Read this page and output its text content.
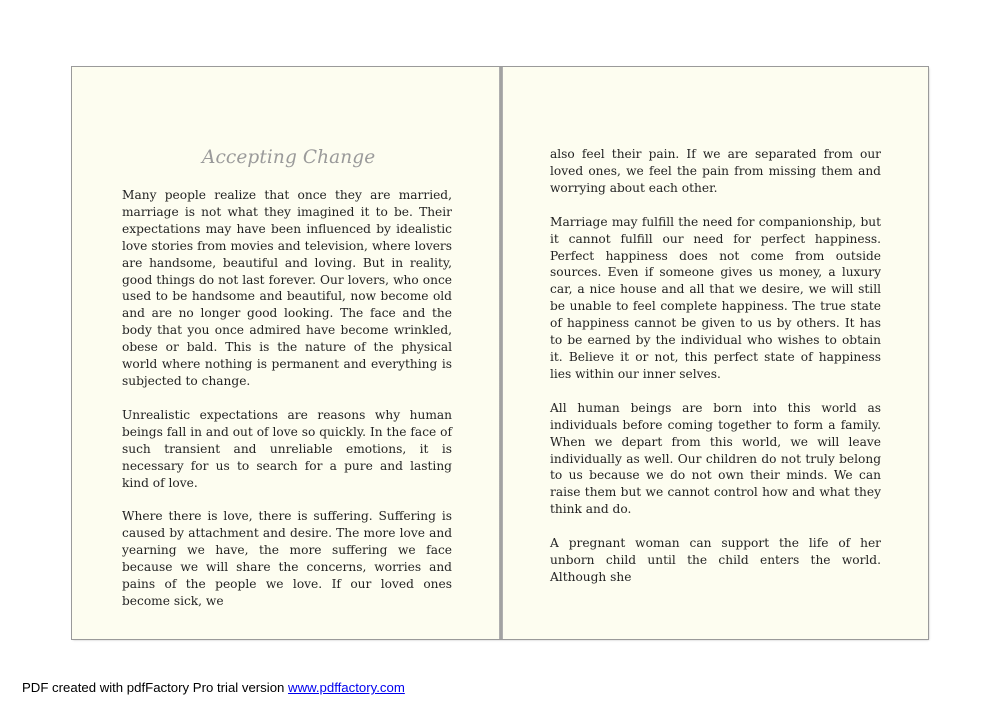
Accepting Change

Many people realize that once they are married, marriage is not what they imagined it to be. Their expectations may have been influenced by idealistic love stories from movies and television, where lovers are handsome, beautiful and loving. But in reality, good things do not last forever. Our lovers, who once used to be handsome and beautiful, now become old and are no longer good looking. The face and the body that you once admired have become wrinkled, obese or bald. This is the nature of the physical world where nothing is permanent and everything is subjected to change.

Unrealistic expectations are reasons why human beings fall in and out of love so quickly. In the face of such transient and unreliable emotions, it is necessary for us to search for a pure and lasting kind of love.

Where there is love, there is suffering. Suffering is caused by attachment and desire. The more love and yearning we have, the more suffering we face because we will share the concerns, worries and pains of the people we love. If our loved ones become sick, we

also feel their pain. If we are separated from our loved ones, we feel the pain from missing them and worrying about each other.

Marriage may fulfill the need for companionship, but it cannot fulfill our need for perfect happiness. Perfect happiness does not come from outside sources. Even if someone gives us money, a luxury car, a nice house and all that we desire, we will still be unable to feel complete happiness. The true state of happiness cannot be given to us by others. It has to be earned by the individual who wishes to obtain it. Believe it or not, this perfect state of happiness lies within our inner selves.

All human beings are born into this world as individuals before coming together to form a family. When we depart from this world, we will leave individually as well. Our children do not truly belong to us because we do not own their minds. We can raise them but we cannot control how and what they think and do.

A pregnant woman can support the life of her unborn child until the child enters the world. Although she

PDF created with pdfFactory Pro trial version www.pdffactory.com
